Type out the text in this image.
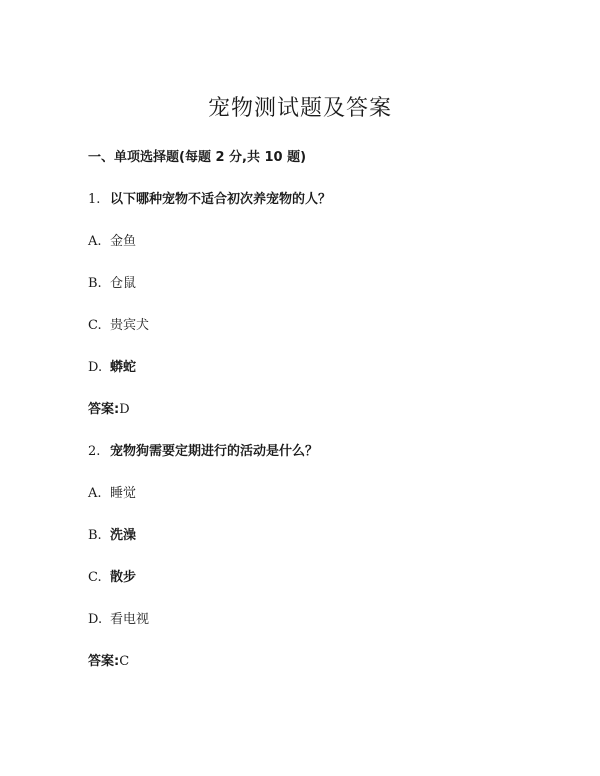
宠物测试题及答案

一、单项选择题(每题 2 分,共 10 题)

1. 以下哪种宠物不适合初次养宠物的人？

A. 金鱼

B. 仓鼠

C. 贵宾犬

D. 蟒蛇

答案:D

2. 宠物狗需要定期进行的活动是什么？

A. 睡觉

B. 洗澡

C. 散步

D. 看电视

答案:C
